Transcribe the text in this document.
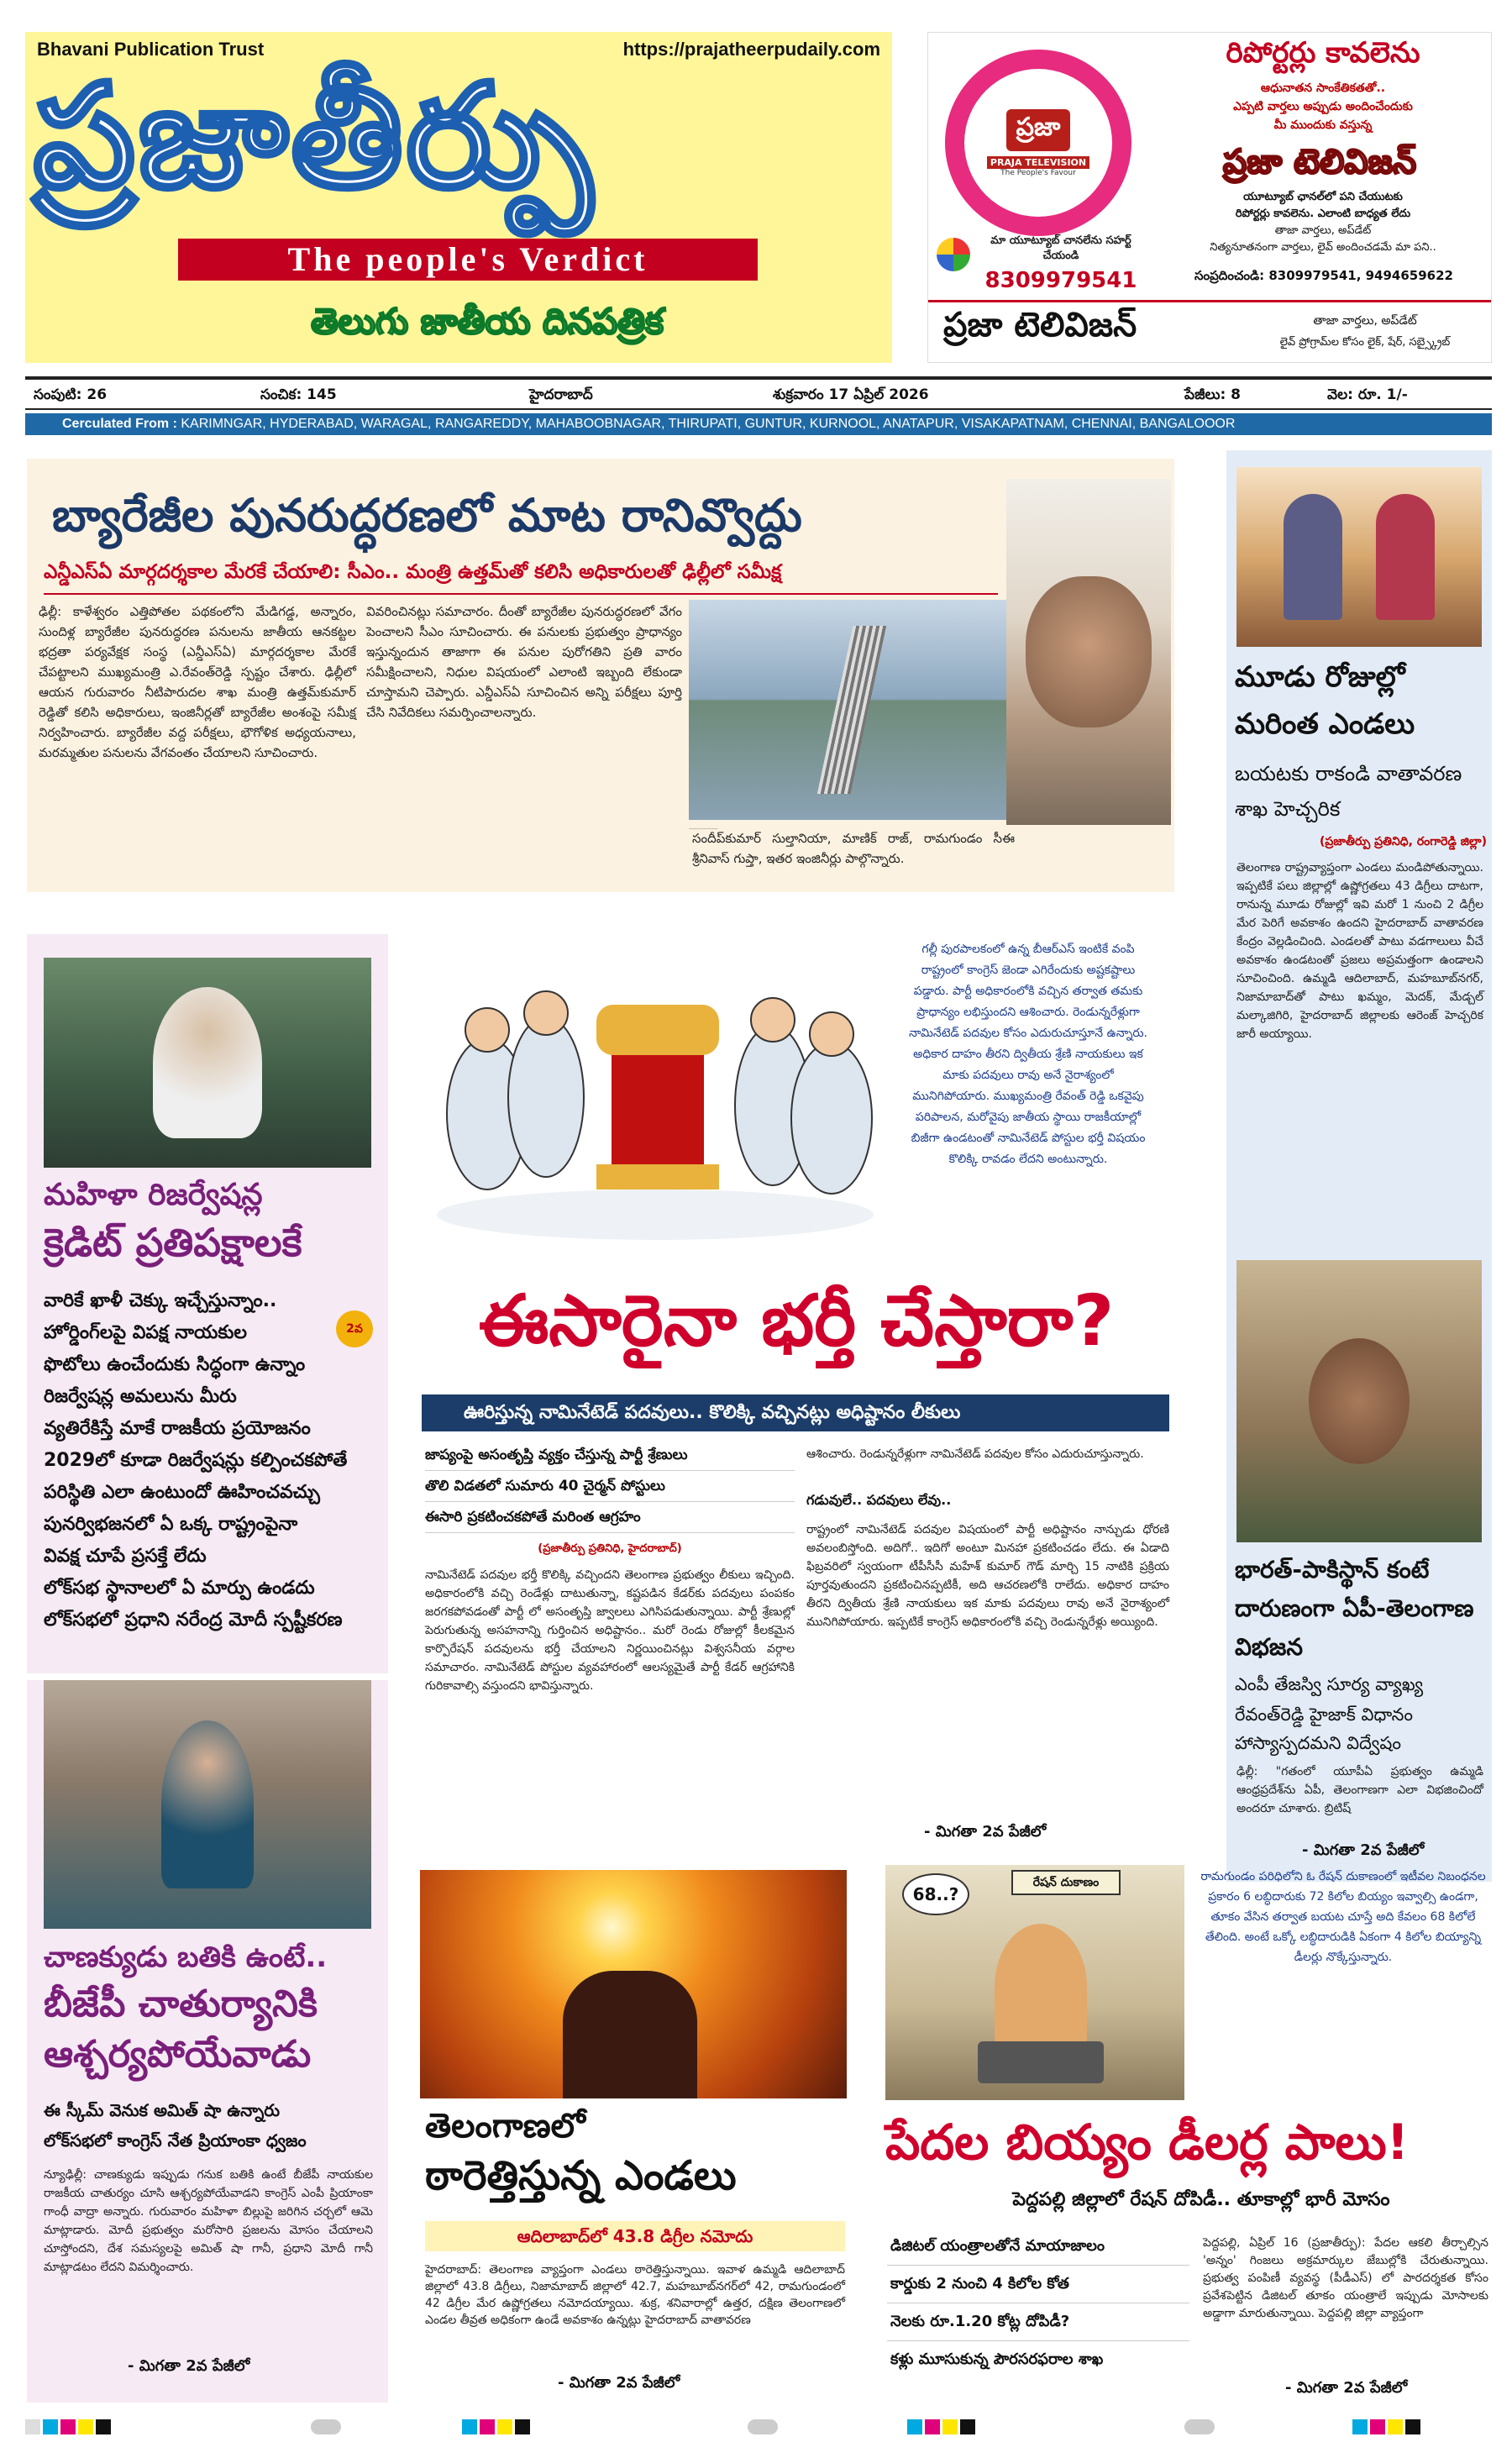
Bhavani Publication Trust	https://prajatheerpudaily.com
ప్రజాతీర్పు
The people's Verdict
తెలుగు జాతీయ దినపత్రిక
రిపోర్టర్లు కావలెను
ప్రజా
PRAJA TELEVISION
The People's Favour
ఆధునాతన సాంకేతికతతో..
ఎప్పటి వార్తలు అప్పుడు అందించేందుకు
మీ ముందుకు వస్తున్న
ప్రజా టెలివిజన్
యూట్యూబ్ ఛానల్‌లో పని చేయుటకు
రిపోర్టర్లు కావలెను. ఎలాంటి బాధ్యత లేదు
తాజా వార్తలు, అప్‌డేట్
నిత్యనూతనంగా వార్తలు, లైవ్‌ అందించడమే మా పని..
మా యూట్యూబ్ చానలేను సహర్ట్ చేయండి
8309979541	సంప్రదించండి: 8309979541, 9494659622
ప్రజా టెలివిజన్	తాజా వార్తలు, అప్‌డేట్
లైవ్ ప్రోగ్రామ్‌ల కోసం లైక్, షేర్, సబ్స్క్రైబ్
సంపుటి: 26	సంచిక: 145	హైదరాబాద్	శుక్రవారం 17 ఏప్రిల్ 2026	పేజీలు: 8	వెల: రూ. 1/-
Cerculated From : KARIMNGAR, HYDERABAD, WARAGAL, RANGAREDDY, MAHABOOBNAGAR, THIRUPATI, GUNTUR, KURNOOL, ANATAPUR, VISAKAPATNAM, CHENNAI, BANGALOOOR
బ్యారేజీల పునరుద్ధరణలో మాట రానివ్వొద్దు
ఎన్డీఎస్ఏ మార్గదర్శకాల మేరకే చేయాలి: సీఎం.. మంత్రి ఉత్తమ్‌తో కలిసి అధికారులతో ఢిల్లీలో సమీక్ష
ఢిల్లీ: కాళేశ్వరం ఎత్తిపోతల పథకంలోని మేడిగడ్డ, అన్నారం, సుందిళ్ల బ్యారేజీల పునరుద్ధరణ పనులను జాతీయ ఆనకట్టల భద్రతా పర్యవేక్షక సంస్థ (ఎన్డీఎస్ఏ) మార్గదర్శకాల మేరకే చేపట్టాలని ముఖ్యమంత్రి ఎ.రేవంత్‌రెడ్డి స్పష్టం చేశారు. ఢిల్లీలో ఆయన గురువారం నీటిపారుదల శాఖ మంత్రి ఉత్తమ్‌కుమార్ రెడ్డితో కలిసి అధికారులు, ఇంజినీర్లతో బ్యారేజీల అంశంపై సమీక్ష నిర్వహించారు. బ్యారేజీల వద్ద పరీక్షలు, భౌగోళిక అధ్యయనాలు, మరమ్మతుల పనులను వేగవంతం చేయాలని సూచించారు.
వివరించినట్లు సమాచారం. దీంతో బ్యారేజీల పునరుద్ధరణలో వేగం పెంచాలని సీఎం సూచించారు. ఈ పనులకు ప్రభుత్వం ప్రాధాన్యం ఇస్తున్నందున తాజాగా ఈ పనుల పురోగతిని ప్రతి వారం సమీక్షించాలని, నిధుల విషయంలో ఎలాంటి ఇబ్బంది లేకుండా చూస్తామని చెప్పారు. ఎన్డీఎస్ఏ సూచించిన అన్ని పరీక్షలు పూర్తి చేసి నివేదికలు సమర్పించాలన్నారు.
సంబంధిత ఇంజినీర్లకు, ఏజెన్సీలకు ఆదేశాలు జారీ చేయాలని ఆయన అధికారులను కోరారు.
సందీప్‌కుమార్ సుల్తానియా, మాణిక్ రాజ్, రామగుండం సీఈ శ్రీనివాస్ గుప్తా, ఇతర ఇంజినీర్లు పాల్గొన్నారు.
మూడు రోజుల్లో మరింత ఎండలు
బయటకు రాకండి వాతావరణ శాఖ హెచ్చరిక
(ప్రజాతీర్పు ప్రతినిధి, రంగారెడ్డి జిల్లా)
తెలంగాణ రాష్ట్రవ్యాప్తంగా ఎండలు మండిపోతున్నాయి. ఇప్పటికే పలు జిల్లాల్లో ఉష్ణోగ్రతలు 43 డిగ్రీలు దాటగా, రానున్న మూడు రోజుల్లో ఇవి మరో 1 నుంచి 2 డిగ్రీల మేర పెరిగే అవకాశం ఉందని హైదరాబాద్ వాతావరణ కేంద్రం వెల్లడించింది. ఎండలతో పాటు వడగాలులు వీచే అవకాశం ఉండటంతో ప్రజలు అప్రమత్తంగా ఉండాలని సూచించింది. ఉమ్మడి ఆదిలాబాద్, మహబూబ్‌నగర్, నిజామాబాద్‌తో పాటు ఖమ్మం, మెదక్, మేడ్చల్ మల్కాజిగిరి, హైదరాబాద్ జిల్లాలకు ఆరెంజ్ హెచ్చరిక జారీ అయ్యాయి.
భారత్-పాకిస్థాన్ కంటే దారుణంగా ఏపీ-తెలంగాణ విభజన
ఎంపీ తేజస్వి సూర్య వ్యాఖ్య
రేవంత్‌రెడ్డి హైజాక్ విధానం హాస్యాస్పదమని విద్వేషం
ఢిల్లీ: "గతంలో యూపీఏ ప్రభుత్వం ఉమ్మడి ఆంధ్రప్రదేశ్‌ను ఏపీ, తెలంగాణగా ఎలా విభజించిందో అందరూ చూశారు. బ్రిటిష్
- మిగతా 2వ పేజీలో
మహిళా రిజర్వేషన్ల
క్రెడిట్ ప్రతిపక్షాలకే
2వ
వారికే ఖాళీ చెక్కు ఇచ్చేస్తున్నాం..
హోర్డింగ్‌లపై విపక్ష నాయకుల
ఫొటోలు ఉంచేందుకు సిద్ధంగా ఉన్నాం
రిజర్వేషన్ల అమలును మీరు
వ్యతిరేకిస్తే మాకే రాజకీయ ప్రయోజనం
2029లో కూడా రిజర్వేషన్లు కల్పించకపోతే
పరిస్థితి ఎలా ఉంటుందో ఊహించవచ్చు
పునర్విభజనలో ఏ ఒక్క రాష్ట్రంపైనా
వివక్ష చూపే ప్రసక్తే లేదు
లోక్‌సభ స్థానాలలో ఏ మార్పు ఉండదు
లోక్‌సభలో ప్రధాని నరేంద్ర మోదీ స్పష్టీకరణ
చాణక్యుడు బతికి ఉంటే..
బీజేపీ చాతుర్యానికి
ఆశ్చర్యపోయేవాడు
ఈ స్కీమ్ వెనుక అమిత్ షా ఉన్నారు
లోక్‌సభలో కాంగ్రెస్ నేత ప్రియాంకా ధ్వజం
న్యూఢిల్లీ: చాణక్యుడు ఇప్పుడు గనుక బతికి ఉంటే బీజేపీ నాయకుల రాజకీయ చాతుర్యం చూసి ఆశ్చర్యపోయేవాడని కాంగ్రెస్ ఎంపీ ప్రియాంకా గాంధీ వాద్రా అన్నారు. గురువారం మహిళా బిల్లుపై జరిగిన చర్చలో ఆమె మాట్లాడారు. మోదీ ప్రభుత్వం మరోసారి ప్రజలను మోసం చేయాలని చూస్తోందని, దేశ సమస్యలపై అమిత్ షా గానీ, ప్రధాని మోదీ గానీ మాట్లాడటం లేదని విమర్శించారు.
- మిగతా 2వ పేజీలో
గల్లీ పురపాలకంలో ఉన్న బీఆర్ఎస్ ఇంటికే వంపి రాష్ట్రంలో కాంగ్రెస్ జెండా ఎగిరేందుకు అష్టకష్టాలు పడ్డారు. పార్టీ అధికారంలోకి వచ్చిన తర్వాత తమకు ప్రాధాన్యం లభిస్తుందని ఆశించారు. రెండున్నరేళ్లుగా నామినేటెడ్ పదవుల కోసం ఎదురుచూస్తూనే ఉన్నారు. అధికార దాహం తీరని ద్వితీయ శ్రేణి నాయకులు ఇక మాకు పదవులు రావు అనే నైరాశ్యంలో మునిగిపోయారు. ముఖ్యమంత్రి రేవంత్ రెడ్డి ఒకవైపు పరిపాలన, మరోవైపు జాతీయ స్థాయి రాజకీయాల్లో బిజీగా ఉండటంతో నామినేటెడ్ పోస్టుల భర్తీ విషయం కొలిక్కి రావడం లేదని అంటున్నారు.
ఈసారైనా భర్తీ చేస్తారా?
ఊరిస్తున్న నామినేటెడ్ పదవులు.. కొలిక్కి వచ్చినట్లు అధిష్టానం లీకులు
జాప్యంపై అసంతృప్తి వ్యక్తం చేస్తున్న పార్టీ శ్రేణులు
తొలి విడతలో సుమారు 40 చైర్మన్ పోస్టులు
ఈసారి ప్రకటించకపోతే మరింత ఆగ్రహం
(ప్రజాతీర్పు ప్రతినిధి, హైదరాబాద్)
నామినేటెడ్ పదవుల భర్తీ కొలిక్కి వచ్చిందని తెలంగాణ ప్రభుత్వం లీకులు ఇచ్చింది. అధికారంలోకి వచ్చి రెండేళ్లు దాటుతున్నా, కష్టపడిన కేడర్‌కు పదవులు పంపకం జరగకపోవడంతో పార్టీ లో అసంతృప్తి జ్వాలలు ఎగిసిపడుతున్నాయి. పార్టీ శ్రేణుల్లో పెరుగుతున్న అసహనాన్ని గుర్తించిన అధిష్టానం.. మరో రెండు రోజుల్లో కీలకమైన కార్పొరేషన్ పదవులను భర్తీ చేయాలని నిర్ణయించినట్లు విశ్వసనీయ వర్గాల సమాచారం. నామినేటెడ్ పోస్టుల వ్యవహారంలో ఆలస్యమైతే పార్టీ కేడర్ ఆగ్రహానికి గురికావాల్సి వస్తుందని భావిస్తున్నారు.
ఆశించారు. రెండున్నరేళ్లుగా నామినేటెడ్ పదవుల కోసం ఎదురుచూస్తున్నారు.
గడువులే.. పదవులు లేవు..
రాష్ట్రంలో నామినేటెడ్ పదవుల విషయంలో పార్టీ అధిష్టానం నాన్చుడు ధోరణి అవలంబిస్తోంది. అదిగో.. ఇదిగో అంటూ మినహా ప్రకటించడం లేదు. ఈ ఏడాది ఫిబ్రవరిలో స్వయంగా టీపీసీసీ మహేశ్ కుమార్ గౌడ్ మార్చి 15 నాటికి ప్రక్రియ పూర్తవుతుందని ప్రకటించినప్పటికీ, అది ఆచరణలోకి రాలేదు. అధికార దాహం తీరని ద్వితీయ శ్రేణి నాయకులు ఇక మాకు పదవులు రావు అనే నైరాశ్యంలో మునిగిపోయారు. ఇప్పటికే కాంగ్రెస్ అధికారంలోకి వచ్చి రెండున్నరేళ్లు అయ్యింది.
- మిగతా 2వ పేజీలో
తెలంగాణలో
ఠారెత్తిస్తున్న ఎండలు
ఆదిలాబాద్‌లో 43.8 డిగ్రీల నమోదు
హైదరాబాద్: తెలంగాణ వ్యాప్తంగా ఎండలు ఠారెత్తిస్తున్నాయి. ఇవాళ ఉమ్మడి ఆదిలాబాద్ జిల్లాలో 43.8 డిగ్రీలు, నిజామాబాద్ జిల్లాలో 42.7, మహబూబ్‌నగర్‌లో 42, రామగుండంలో 42 డిగ్రీల మేర ఉష్ణోగ్రతలు నమోదయ్యాయి. శుక్ర, శనివారాల్లో ఉత్తర, దక్షిణ తెలంగాణలో ఎండల తీవ్రత అధికంగా ఉండే అవకాశం ఉన్నట్లు హైదరాబాద్ వాతావరణ
- మిగతా 2వ పేజీలో
రేషన్ దుకాణం
68..?
రామగుండం పరిధిలోని ఓ రేషన్ దుకాణంలో ఇటీవల నిబంధనల ప్రకారం 6 లబ్ధిదారుకు 72 కిలోల బియ్యం ఇవ్వాల్సి ఉండగా, తూకం వేసిన తర్వాత బయట చూస్తే అది కేవలం 68 కిలోలే తేలింది. అంటే ఒక్కో లబ్ధిదారుడికి ఏకంగా 4 కిలోల బియ్యాన్ని డీలర్లు నొక్కేస్తున్నారు.
పేదల బియ్యం డీలర్ల పాలు!
పెద్దపల్లి జిల్లాలో రేషన్ దోపిడీ.. తూకాల్లో భారీ మోసం
డిజిటల్ యంత్రాలతోనే మాయాజాలం
కార్డుకు 2 నుంచి 4 కిలోల కోత
నెలకు రూ.1.20 కోట్ల దోపిడీ?
కళ్లు మూసుకున్న పౌరసరఫరాల శాఖ
పెద్దపల్లి, ఏప్రిల్ 16 (ప్రజాతీర్పు): పేదల ఆకలి తీర్చాల్సిన 'అన్నం' గింజలు అక్రమార్కుల జేబుల్లోకి చేరుతున్నాయి. ప్రభుత్వ పంపిణీ వ్యవస్థ (పీడీఎస్) లో పారదర్శకత కోసం ప్రవేశపెట్టిన డిజిటల్ తూకం యంత్రాలే ఇప్పుడు మోసాలకు అడ్డాగా మారుతున్నాయి. పెద్దపల్లి జిల్లా వ్యాప్తంగా
- మిగతా 2వ పేజీలో
